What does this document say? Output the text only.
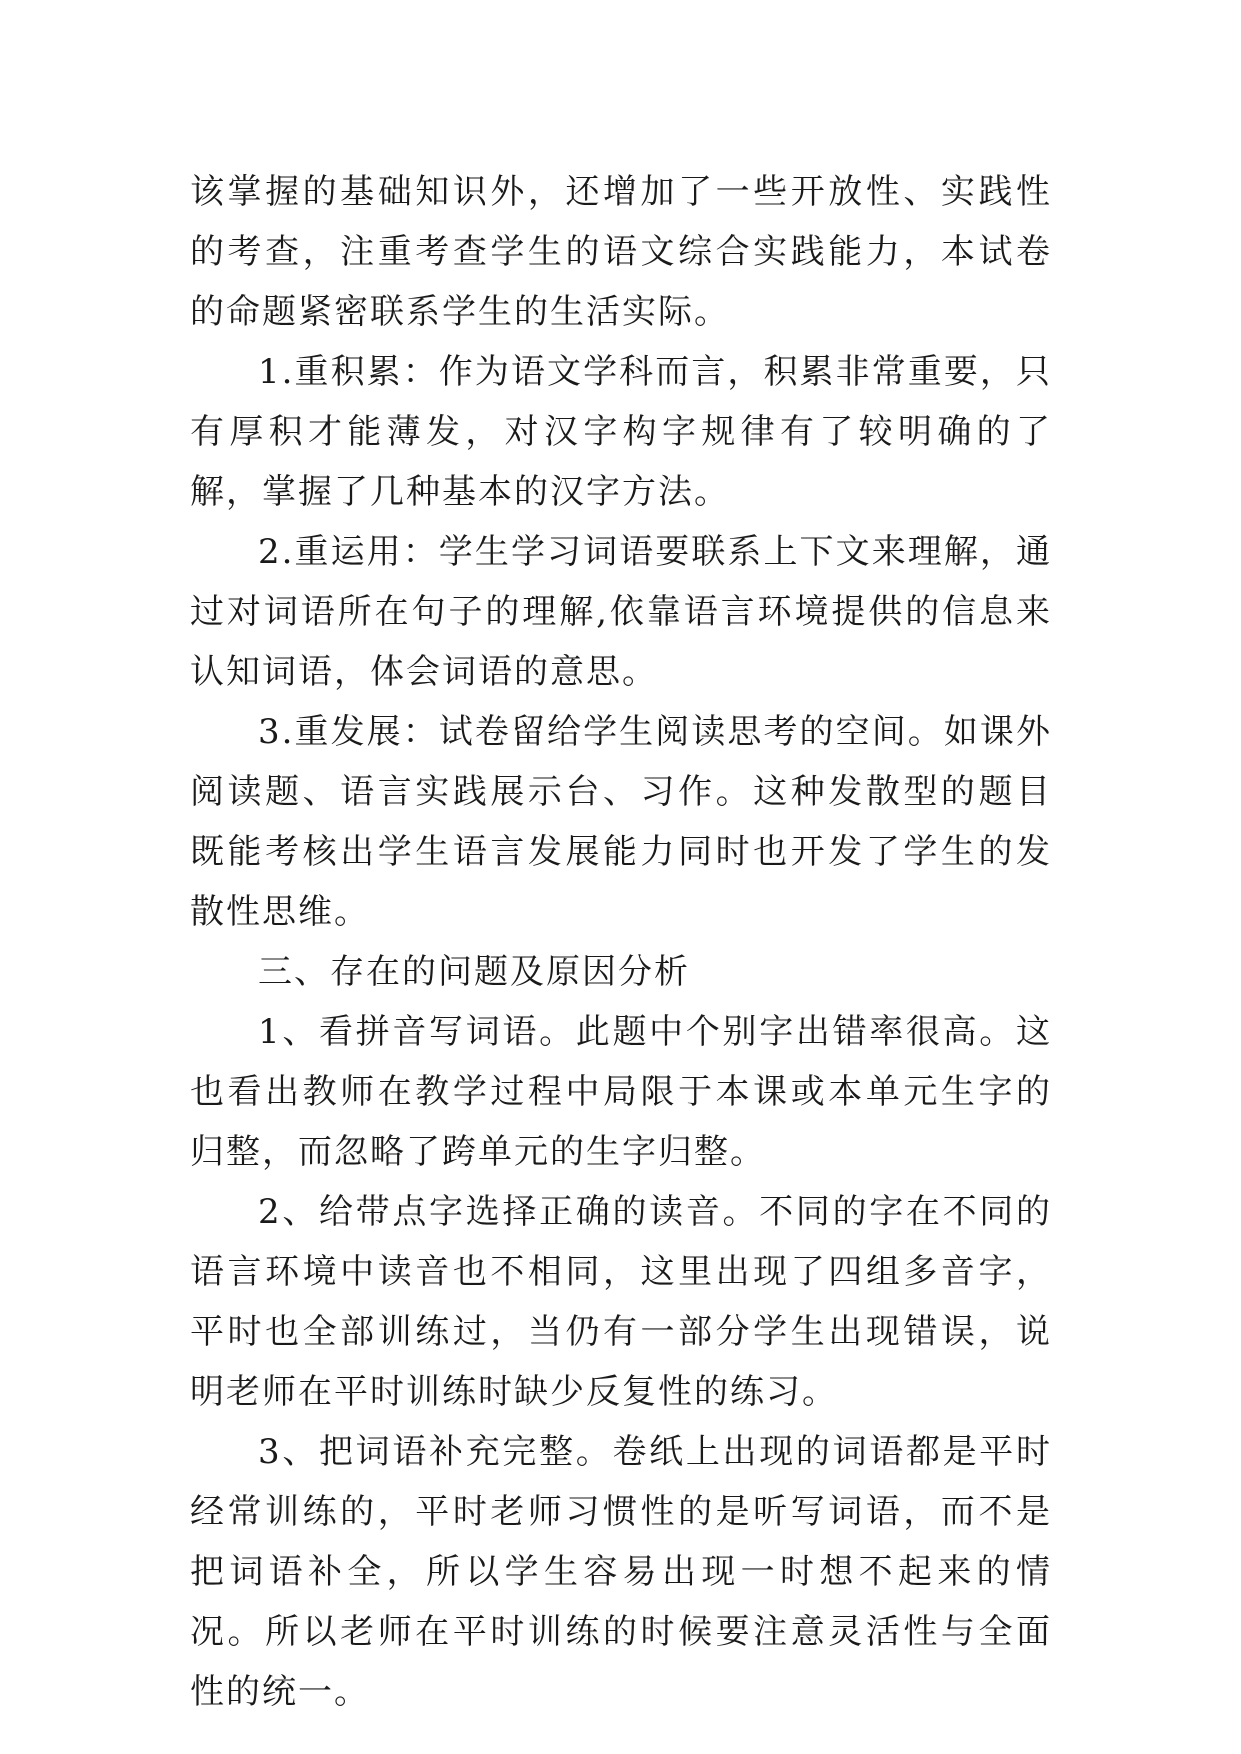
该掌握的基础知识外，还增加了一些开放性、实践性的考查，注重考查学生的语文综合实践能力，本试卷的命题紧密联系学生的生活实际。

1.重积累：作为语文学科而言，积累非常重要，只有厚积才能薄发，对汉字构字规律有了较明确的了解，掌握了几种基本的汉字方法。

2.重运用：学生学习词语要联系上下文来理解，通过对词语所在句子的理解,依靠语言环境提供的信息来认知词语，体会词语的意思。

3.重发展：试卷留给学生阅读思考的空间。如课外阅读题、语言实践展示台、习作。这种发散型的题目既能考核出学生语言发展能力同时也开发了学生的发散性思维。

三、存在的问题及原因分析

1、看拼音写词语。此题中个别字出错率很高。这也看出教师在教学过程中局限于本课或本单元生字的归整，而忽略了跨单元的生字归整。

2、给带点字选择正确的读音。不同的字在不同的语言环境中读音也不相同，这里出现了四组多音字，平时也全部训练过，当仍有一部分学生出现错误，说明老师在平时训练时缺少反复性的练习。

3、把词语补充完整。卷纸上出现的词语都是平时经常训练的，平时老师习惯性的是听写词语，而不是把词语补全，所以学生容易出现一时想不起来的情况。所以老师在平时训练的时候要注意灵活性与全面性的统一。
